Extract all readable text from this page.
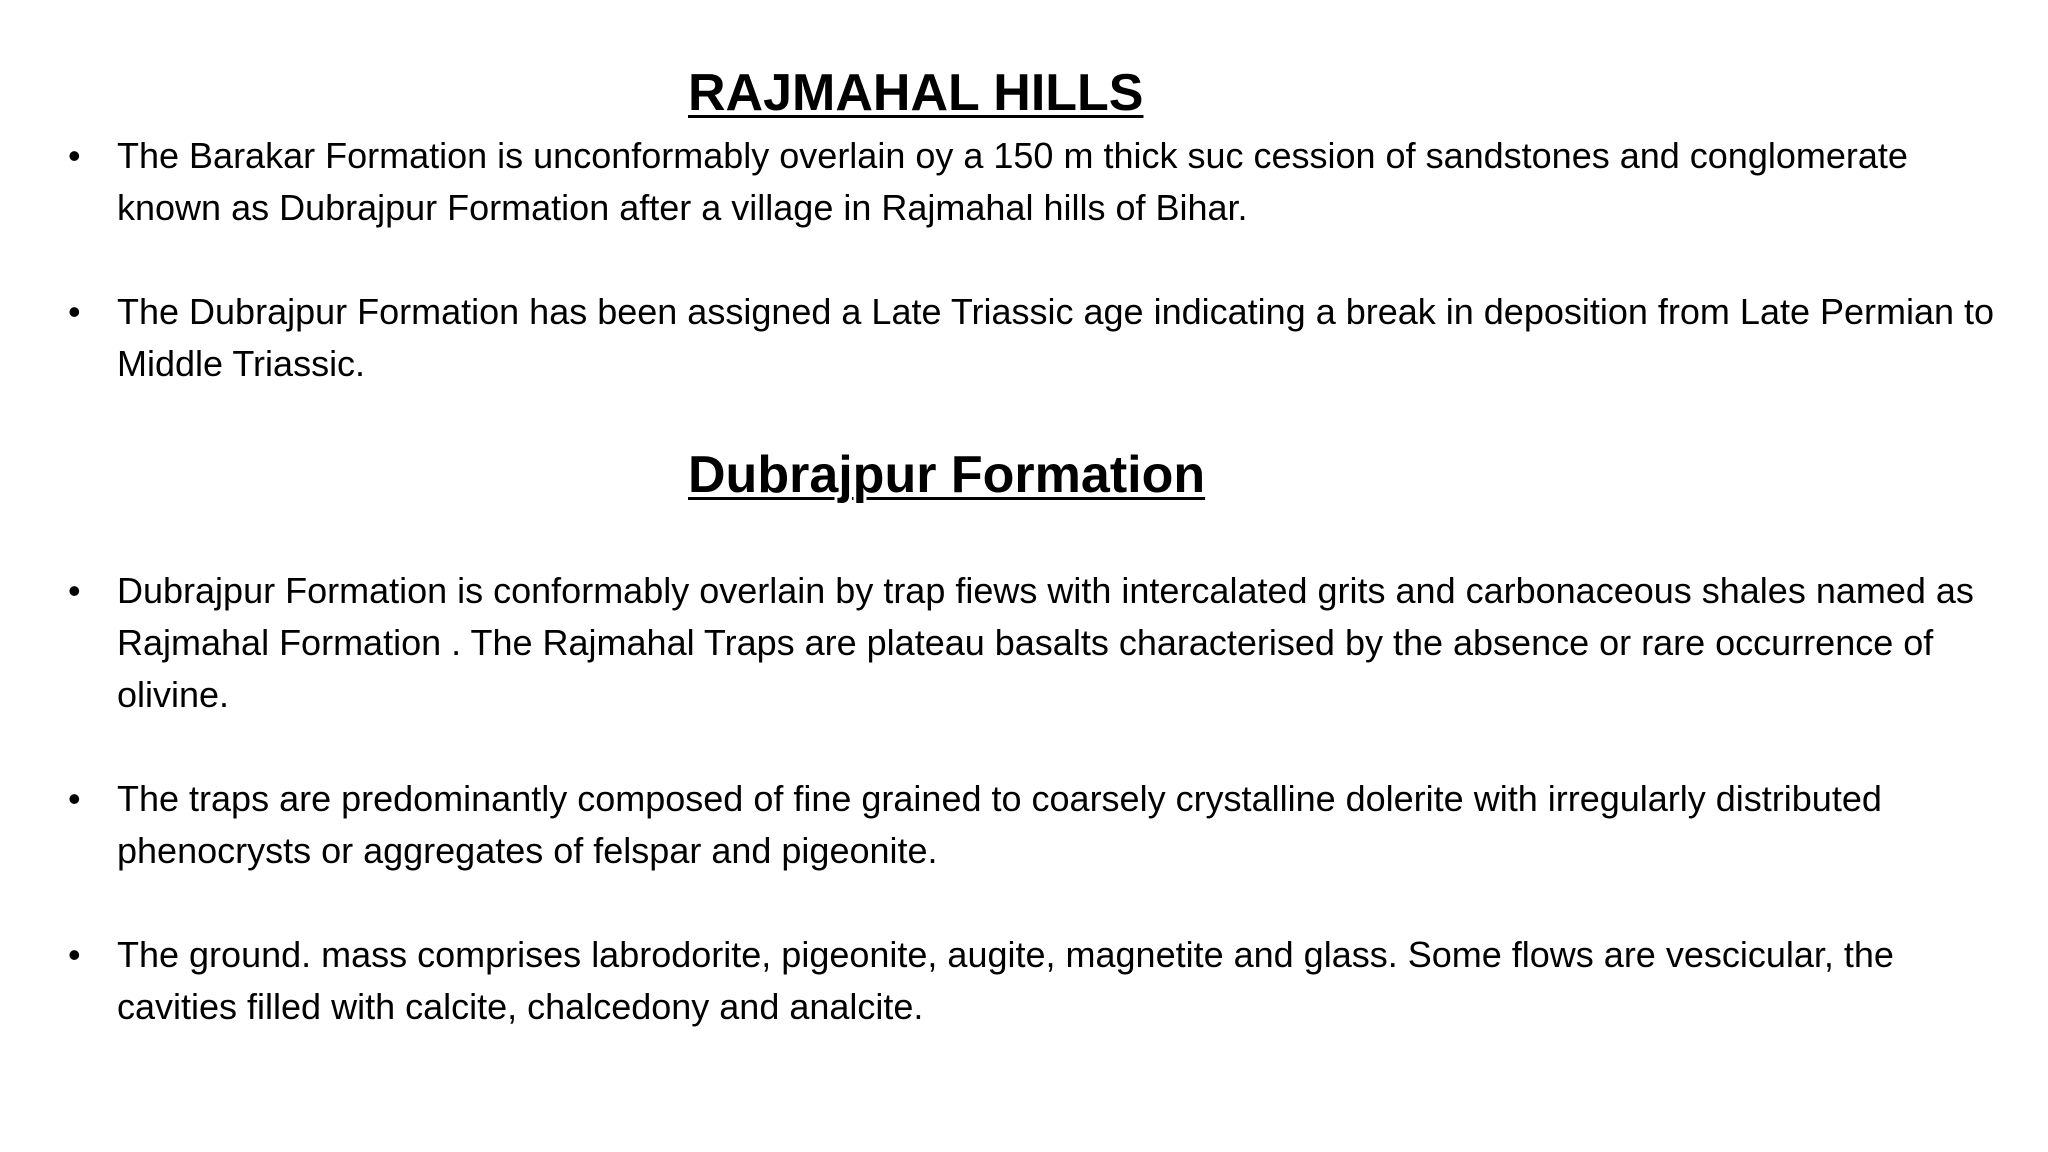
RAJMAHAL HILLS
• The Barakar Formation is unconformably overlain oy a 150 m thick suc cession of sandstones and conglomerate known as Dubrajpur Formation after a village in Rajmahal hills of Bihar.
• The Dubrajpur Formation has been assigned a Late Triassic age indicating a break in deposition from Late Permian to Middle Triassic.
Dubrajpur Formation
• Dubrajpur Formation is conformably overlain by trap fiews with intercalated grits and carbonaceous shales named as Rajmahal Formation . The Rajmahal Traps are plateau basalts characterised by the absence or rare occurrence of olivine.
• The traps are predominantly composed of fine grained to coarsely crystalline dolerite with irregularly distributed phenocrysts or aggregates of felspar and pigeonite.
• The ground. mass comprises labrodorite, pigeonite, augite, magnetite and glass. Some flows are vescicular, the cavities filled with calcite, chalcedony and analcite.
